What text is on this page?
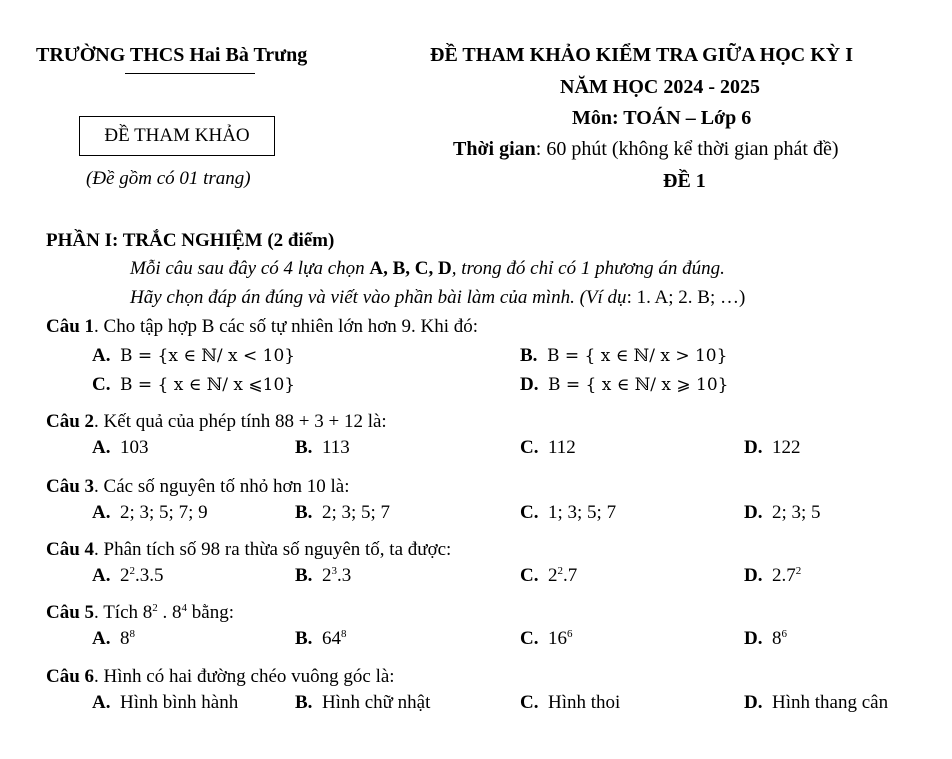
TRƯỜNG THCS Hai Bà Trưng
ĐỀ THAM KHẢO
(Đề gồm có 01 trang)
ĐỀ THAM KHẢO KIỂM TRA GIỮA HỌC KỲ I
NĂM HỌC 2024 - 2025
Môn: TOÁN – Lớp 6
Thời gian: 60 phút (không kể thời gian phát đề)
ĐỀ 1
PHẦN I: TRẮC NGHIỆM (2 điểm)
Mỗi câu sau đây có 4 lựa chọn A, B, C, D, trong đó chỉ có 1 phương án đúng.
Hãy chọn đáp án đúng và viết vào phần bài làm của mình. (Ví dụ: 1. A; 2. B; …)
Câu 1. Cho tập hợp B các số tự nhiên lớn hơn 9. Khi đó:
A. B = {x ∈ ℕ/ x < 10}	B. B = { x ∈ ℕ/ x > 10}
C. B = { x ∈ ℕ/ x ⩽10}	D. B = { x ∈ ℕ/ x ⩾ 10}
Câu 2. Kết quả của phép tính 88 + 3 + 12 là:
A. 103	B. 113	C. 112	D. 122
Câu 3. Các số nguyên tố nhỏ hơn 10 là:
A. 2; 3; 5; 7; 9	B. 2; 3; 5; 7	C. 1; 3; 5; 7	D. 2; 3; 5
Câu 4. Phân tích số 98 ra thừa số nguyên tố, ta được:
A. $2^2.3.5$	B. $2^3.3$	C. $2^2.7$	D. $2.7^2$
Câu 5. Tích $8^2$ . $8^4$ bằng:
A. $8^8$	B. $64^8$	C. $16^6$	D. $8^6$
Câu 6. Hình có hai đường chéo vuông góc là:
A. Hình bình hành	B. Hình chữ nhật	C. Hình thoi	D. Hình thang cân
